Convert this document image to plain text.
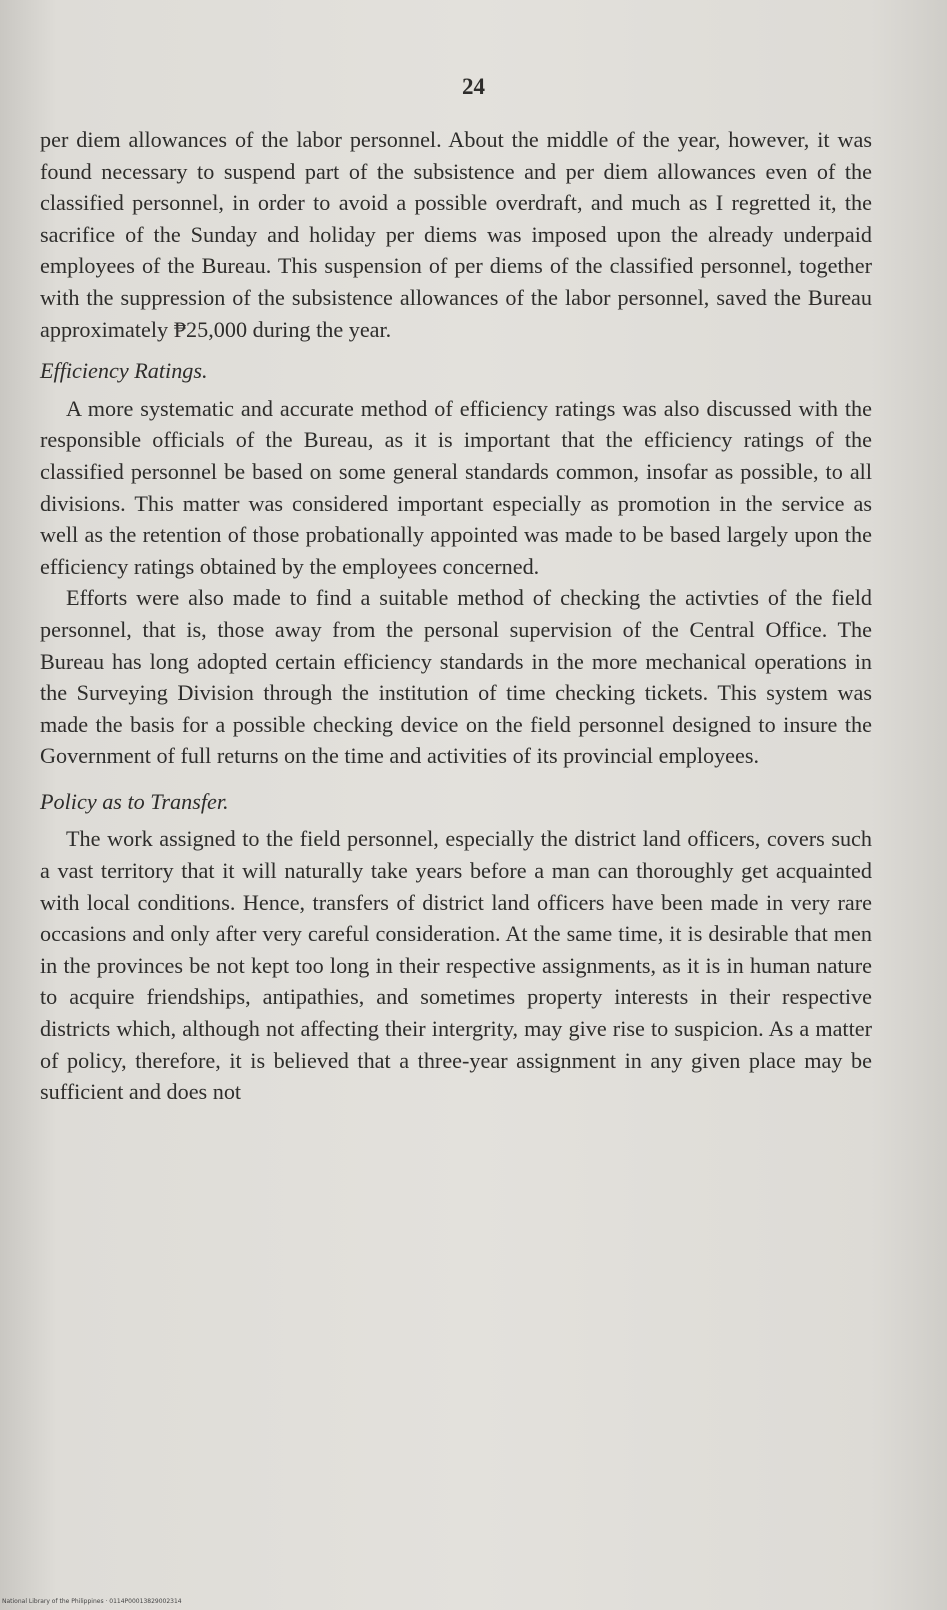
24

per diem allowances of the labor personnel. About the middle of the year, however, it was found necessary to suspend part of the subsistence and per diem allowances even of the classified personnel, in order to avoid a possible overdraft, and much as I regretted it, the sacrifice of the Sunday and holiday per diems was imposed upon the already underpaid employees of the Bureau. This suspension of per diems of the classified personnel, together with the suppression of the subsistence allowances of the labor personnel, saved the Bureau approximately ₱25,000 during the year.

Efficiency Ratings.

A more systematic and accurate method of efficiency ratings was also discussed with the responsible officials of the Bureau, as it is important that the efficiency ratings of the classified personnel be based on some general standards common, insofar as possible, to all divisions. This matter was considered important especially as promotion in the service as well as the retention of those probationally appointed was made to be based largely upon the efficiency ratings obtained by the employees concerned.

Efforts were also made to find a suitable method of checking the activties of the field personnel, that is, those away from the personal supervision of the Central Office. The Bureau has long adopted certain efficiency standards in the more mechanical operations in the Surveying Division through the institution of time checking tickets. This system was made the basis for a possible checking device on the field personnel designed to insure the Government of full returns on the time and activities of its provincial employees.

Policy as to Transfer.

The work assigned to the field personnel, especially the district land officers, covers such a vast territory that it will naturally take years before a man can thoroughly get acquainted with local conditions. Hence, transfers of district land officers have been made in very rare occasions and only after very careful consideration. At the same time, it is desirable that men in the provinces be not kept too long in their respective assignments, as it is in human nature to acquire friendships, antipathies, and sometimes property interests in their respective districts which, although not affecting their intergrity, may give rise to suspicion. As a matter of policy, therefore, it is believed that a three-year assignment in any given place may be sufficient and does not

National Library of the Philippines · 0114P00013829002314
